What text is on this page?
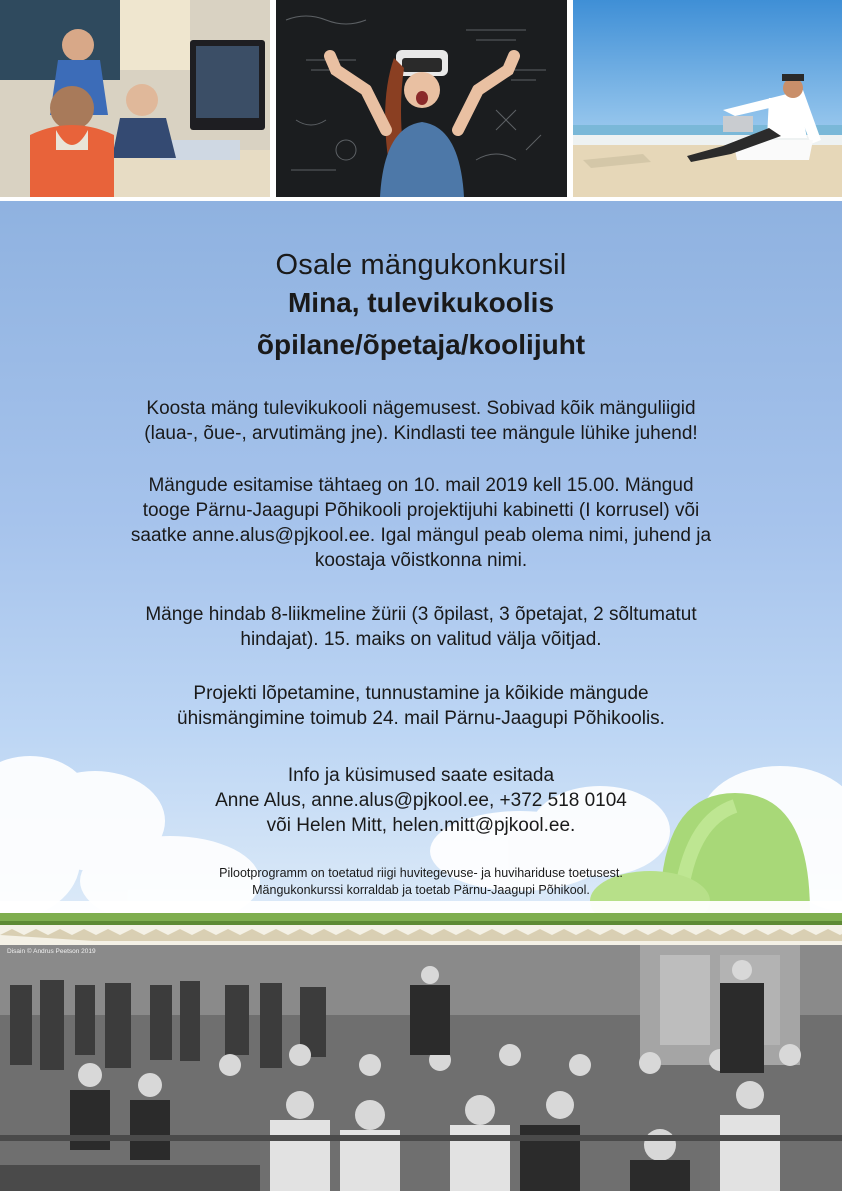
Osale mängukonkursil
Mina, tulevikukoolis
õpilane/õpetaja/koolijuht
Koosta mäng tulevikukooli nägemusest. Sobivad kõik mänguliigid
(laua-, õue-, arvutimäng jne). Kindlasti tee mängule lühike juhend!
Mängude esitamise tähtaeg on 10. mail 2019 kell 15.00. Mängud
tooge Pärnu-Jaagupi Põhikooli projektijuhi kabinetti (I korrusel) või
saatke anne.alus@pjkool.ee. Igal mängul peab olema nimi, juhend ja
koostaja võistkonna nimi.
Mänge hindab 8-liikmeline žürii (3 õpilast, 3 õpetajat, 2 sõltumatut
hindajat). 15. maiks on valitud välja võitjad.
Projekti lõpetamine, tunnustamine ja kõikide mängude
ühismängimine toimub 24. mail Pärnu-Jaagupi Põhikoolis.
Info ja küsimused saate esitada
Anne Alus, anne.alus@pjkool.ee, +372 518 0104
või Helen Mitt, helen.mitt@pjkool.ee.
Pilootprogramm on toetatud riigi huvitegevuse- ja huvihariduse toetusest.
Mängukonkurssi korraldab ja toetab Pärnu-Jaagupi Põhikool.
Disain © Andrus Peetson 2019
